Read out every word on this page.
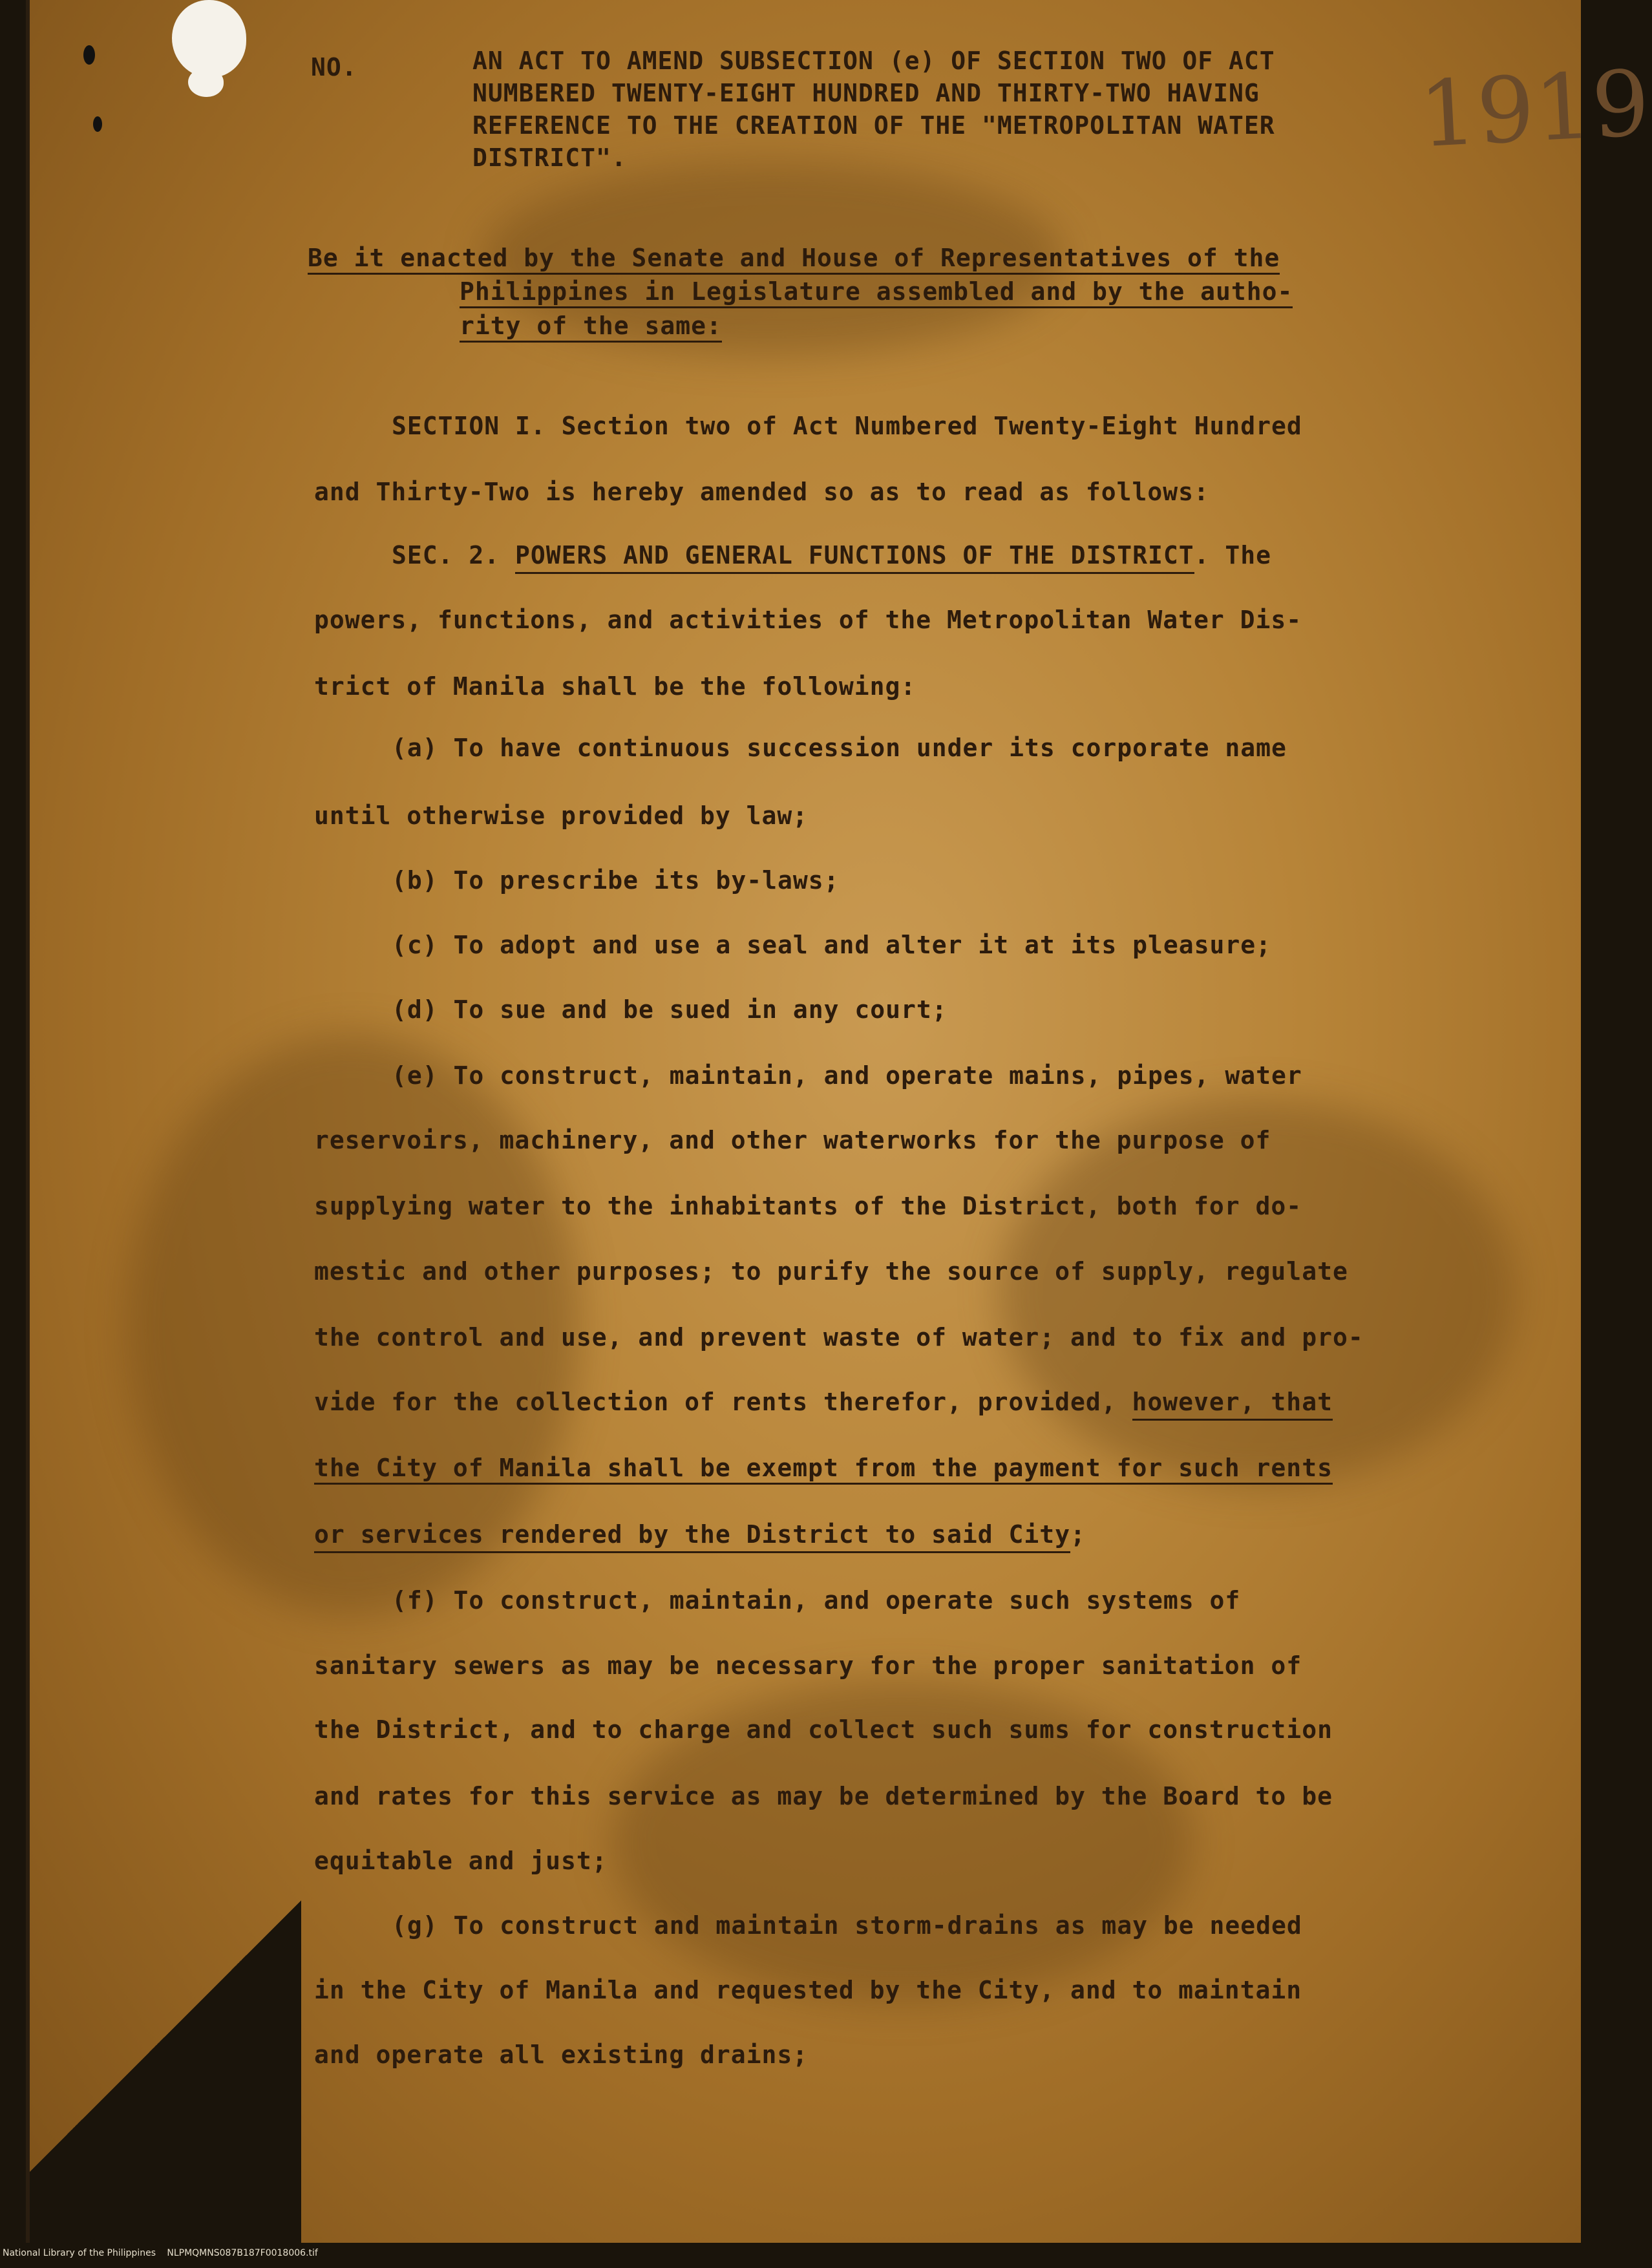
NO.	AN ACT TO AMEND SUBSECTION (e) OF SECTION TWO OF ACT

NUMBERED TWENTY-EIGHT HUNDRED AND THIRTY-TWO HAVING

REFERENCE TO THE CREATION OF THE "METROPOLITAN WATER

DISTRICT".	1919

Be it enacted by the Senate and House of Representatives of the

Philippines in Legislature assembled and by the autho-

rity of the same:

SECTION I. Section two of Act Numbered Twenty-Eight Hundred

and Thirty-Two is hereby amended so as to read as follows:

SEC. 2. POWERS AND GENERAL FUNCTIONS OF THE DISTRICT. The

powers, functions, and activities of the Metropolitan Water Dis-

trict of Manila shall be the following:

(a) To have continuous succession under its corporate name

until otherwise provided by law;

(b) To prescribe its by-laws;

(c) To adopt and use a seal and alter it at its pleasure;

(d) To sue and be sued in any court;

(e) To construct, maintain, and operate mains, pipes, water

reservoirs, machinery, and other waterworks for the purpose of

supplying water to the inhabitants of the District, both for do-

mestic and other purposes; to purify the source of supply, regulate

the control and use, and prevent waste of water; and to fix and pro-

vide for the collection of rents therefor, provided, however, that

the City of Manila shall be exempt from the payment for such rents

or services rendered by the District to said City;

(f) To construct, maintain, and operate such systems of

sanitary sewers as may be necessary for the proper sanitation of

the District, and to charge and collect such sums for construction

and rates for this service as may be determined by the Board to be

equitable and just;

(g) To construct and maintain storm-drains as may be needed

in the City of Manila and requested by the City, and to maintain

and operate all existing drains;

National Library of the Philippines NLPMQMNS087B187F0018006.tif
